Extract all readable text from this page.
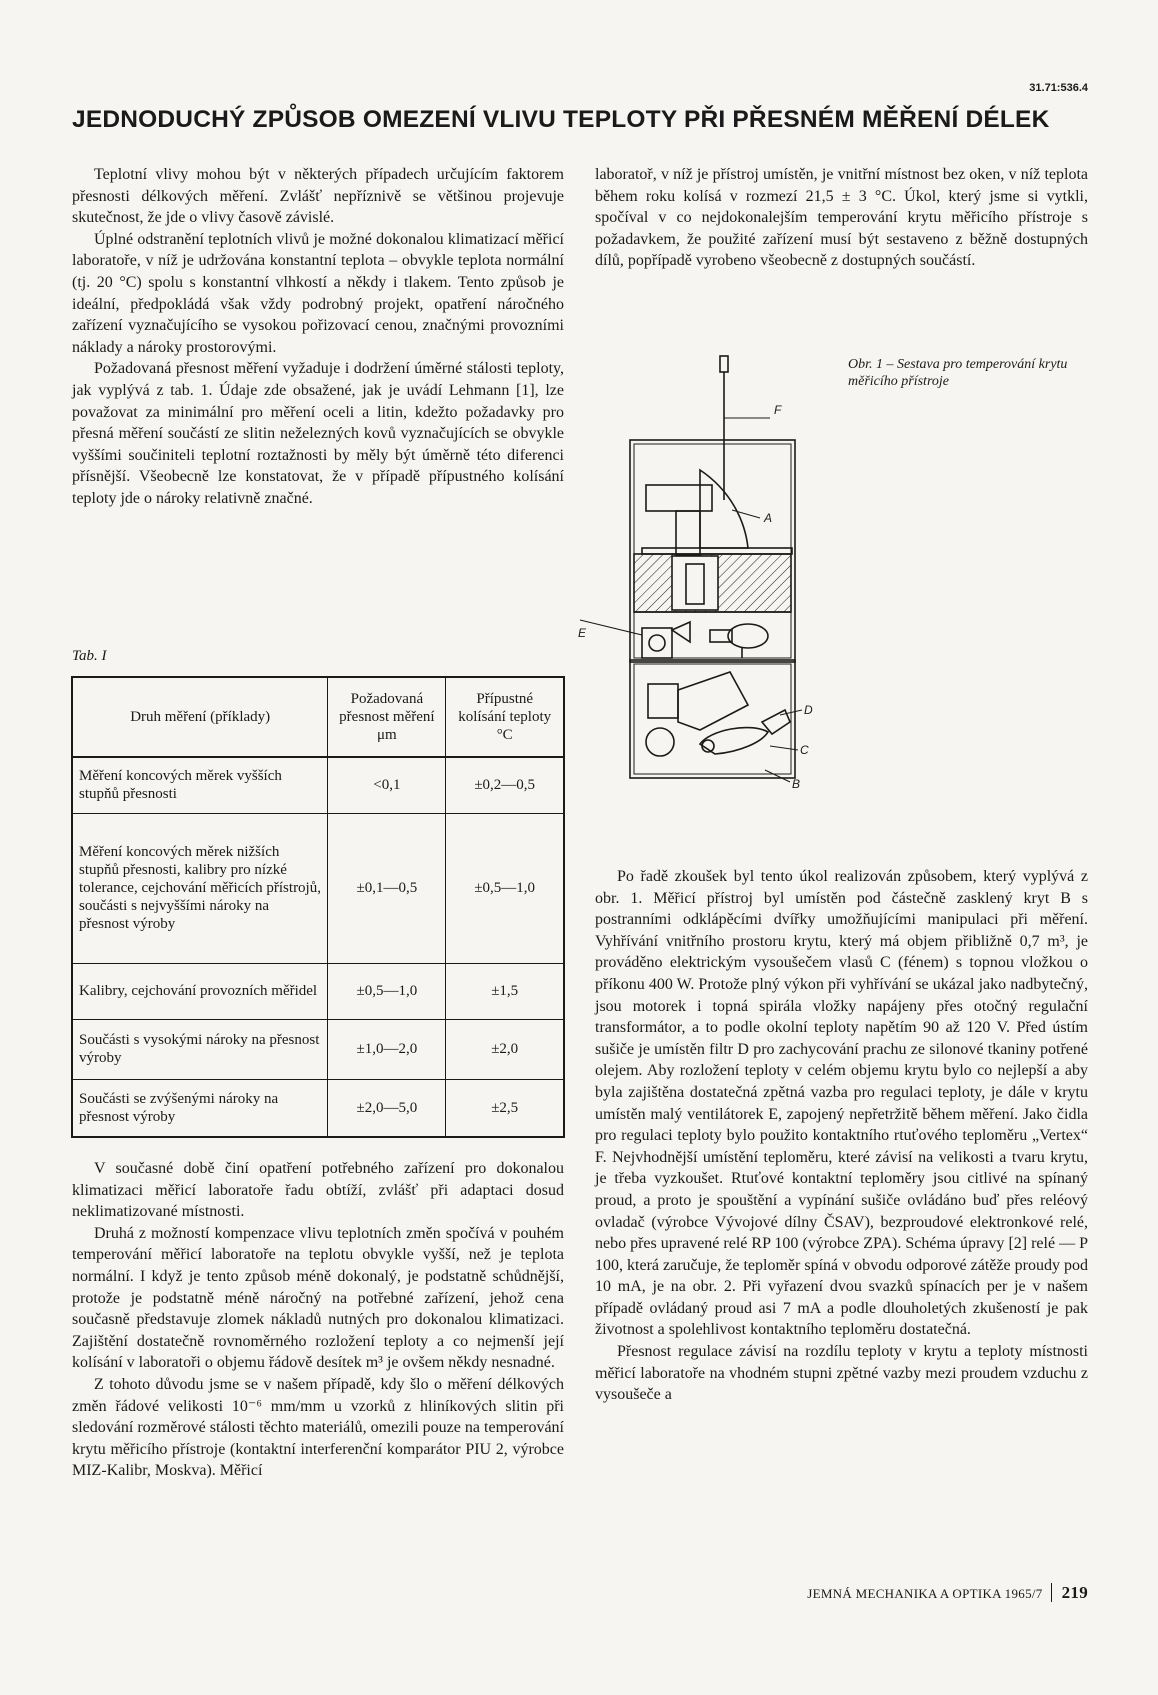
31.71:536.4
JEDNODUCHÝ ZPŮSOB OMEZENÍ VLIVU TEPLOTY PŘI PŘESNÉM MĚŘENÍ DÉLEK

Teplotní vlivy mohou být v některých případech určujícím faktorem přesnosti délkových měření. Zvlášť nepříznivě se většinou projevuje skutečnost, že jde o vlivy časově závislé.

Úplné odstranění teplotních vlivů je možné dokonalou klimatizací měřicí laboratoře, v níž je udržována konstantní teplota – obvykle teplota normální (tj. 20 °C) spolu s konstantní vlhkostí a někdy i tlakem. Tento způsob je ideální, předpokládá však vždy podrobný projekt, opatření náročného zařízení vyznačujícího se vysokou pořizovací cenou, značnými provozními náklady a nároky prostorovými.

Požadovaná přesnost měření vyžaduje i dodržení úměrné stálosti teploty, jak vyplývá z tab. 1. Údaje zde obsažené, jak je uvádí Lehmann [1], lze považovat za minimální pro měření oceli a litin, kdežto požadavky pro přesná měření součástí ze slitin neželezných kovů vyznačujících se obvykle vyššími součiniteli teplotní roztažnosti by měly být úměrně této diferenci přísnější. Všeobecně lze konstatovat, že v případě přípustného kolísání teploty jde o nároky relativně značné.

Tab. I
Druh měření (příklady)	Požadovaná přesnost měření μm	Přípustné kolísání teploty °C
Měření koncových měrek vyšších stupňů přesnosti	<0,1	±0,2—0,5
Měření koncových měrek nižších stupňů přesnosti, kalibry pro nízké tolerance, cejchování měřicích přístrojů, součásti s nejvyššími nároky na přesnost výroby	±0,1—0,5	±0,5—1,0
Kalibry, cejchování provozních měřidel	±0,5—1,0	±1,5
Součásti s vysokými nároky na přesnost výroby	±1,0—2,0	±2,0
Součásti se zvýšenými nároky na přesnost výroby	±2,0—5,0	±2,5

V současné době činí opatření potřebného zařízení pro dokonalou klimatizaci měřicí laboratoře řadu obtíží, zvlášť při adaptaci dosud neklimatizované místnosti.

Druhá z možností kompenzace vlivu teplotních změn spočívá v pouhém temperování měřicí laboratoře na teplotu obvykle vyšší, než je teplota normální. I když je tento způsob méně dokonalý, je podstatně schůdnější, protože je podstatně méně náročný na potřebné zařízení, jehož cena současně představuje zlomek nákladů nutných pro dokonalou klimatizaci. Zajištění dostatečně rovnoměrného rozložení teploty a co nejmenší její kolísání v laboratoři o objemu řádově desítek m³ je ovšem někdy nesnadné.

Z tohoto důvodu jsme se v našem případě, kdy šlo o měření délkových změn řádové velikosti 10⁻⁶ mm/mm u vzorků z hliníkových slitin při sledování rozměrové stálosti těchto materiálů, omezili pouze na temperování krytu měřicího přístroje (kontaktní interferenční komparátor PIU 2, výrobce MIZ-Kalibr, Moskva). Měřicí

laboratoř, v níž je přístroj umístěn, je vnitřní místnost bez oken, v níž teplota během roku kolísá v rozmezí 21,5 ± 3 °C. Úkol, který jsme si vytkli, spočíval v co nejdokonalejším temperování krytu měřicího přístroje s požadavkem, že použité zařízení musí být sestaveno z běžně dostupných dílů, popřípadě vyrobeno všeobecně z dostupných součástí.

Obr. 1 – Sestava pro temperování krytu měřicího přístroje
F
A
E
D
C
B

Po řadě zkoušek byl tento úkol realizován způsobem, který vyplývá z obr. 1. Měřicí přístroj byl umístěn pod částečně zasklený kryt B s postranními odklápěcími dvířky umožňujícími manipulaci při měření. Vyhřívání vnitřního prostoru krytu, který má objem přibližně 0,7 m³, je prováděno elektrickým vysoušečem vlasů C (fénem) s topnou vložkou o příkonu 400 W. Protože plný výkon při vyhřívání se ukázal jako nadbytečný, jsou motorek i topná spirála vložky napájeny přes otočný regulační transformátor, a to podle okolní teploty napětím 90 až 120 V. Před ústím sušiče je umístěn filtr D pro zachycování prachu ze silonové tkaniny potřené olejem. Aby rozložení teploty v celém objemu krytu bylo co nejlepší a aby byla zajištěna dostatečná zpětná vazba pro regulaci teploty, je dále v krytu umístěn malý ventilátorek E, zapojený nepřetržitě během měření. Jako čidla pro regulaci teploty bylo použito kontaktního rtuťového teploměru „Vertex“ F. Nejvhodnější umístění teploměru, které závisí na velikosti a tvaru krytu, je třeba vyzkoušet. Rtuťové kontaktní teploměry jsou citlivé na spínaný proud, a proto je spouštění a vypínání sušiče ovládáno buď přes reléový ovladač (výrobce Vývojové dílny ČSAV), bezproudové elektronkové relé, nebo přes upravené relé RP 100 (výrobce ZPA). Schéma úpravy [2] relé — P 100, která zaručuje, že teploměr spíná v obvodu odporové zátěže proudy pod 10 mA, je na obr. 2. Při vyřazení dvou svazků spínacích per je v našem případě ovládaný proud asi 7 mA a podle dlouholetých zkušeností je pak životnost a spolehlivost kontaktního teploměru dostatečná.

Přesnost regulace závisí na rozdílu teploty v krytu a teploty místnosti měřicí laboratoře na vhodném stupni zpětné vazby mezi proudem vzduchu z vysoušeče a

JEMNÁ MECHANIKA A OPTIKA 1965/7 219
